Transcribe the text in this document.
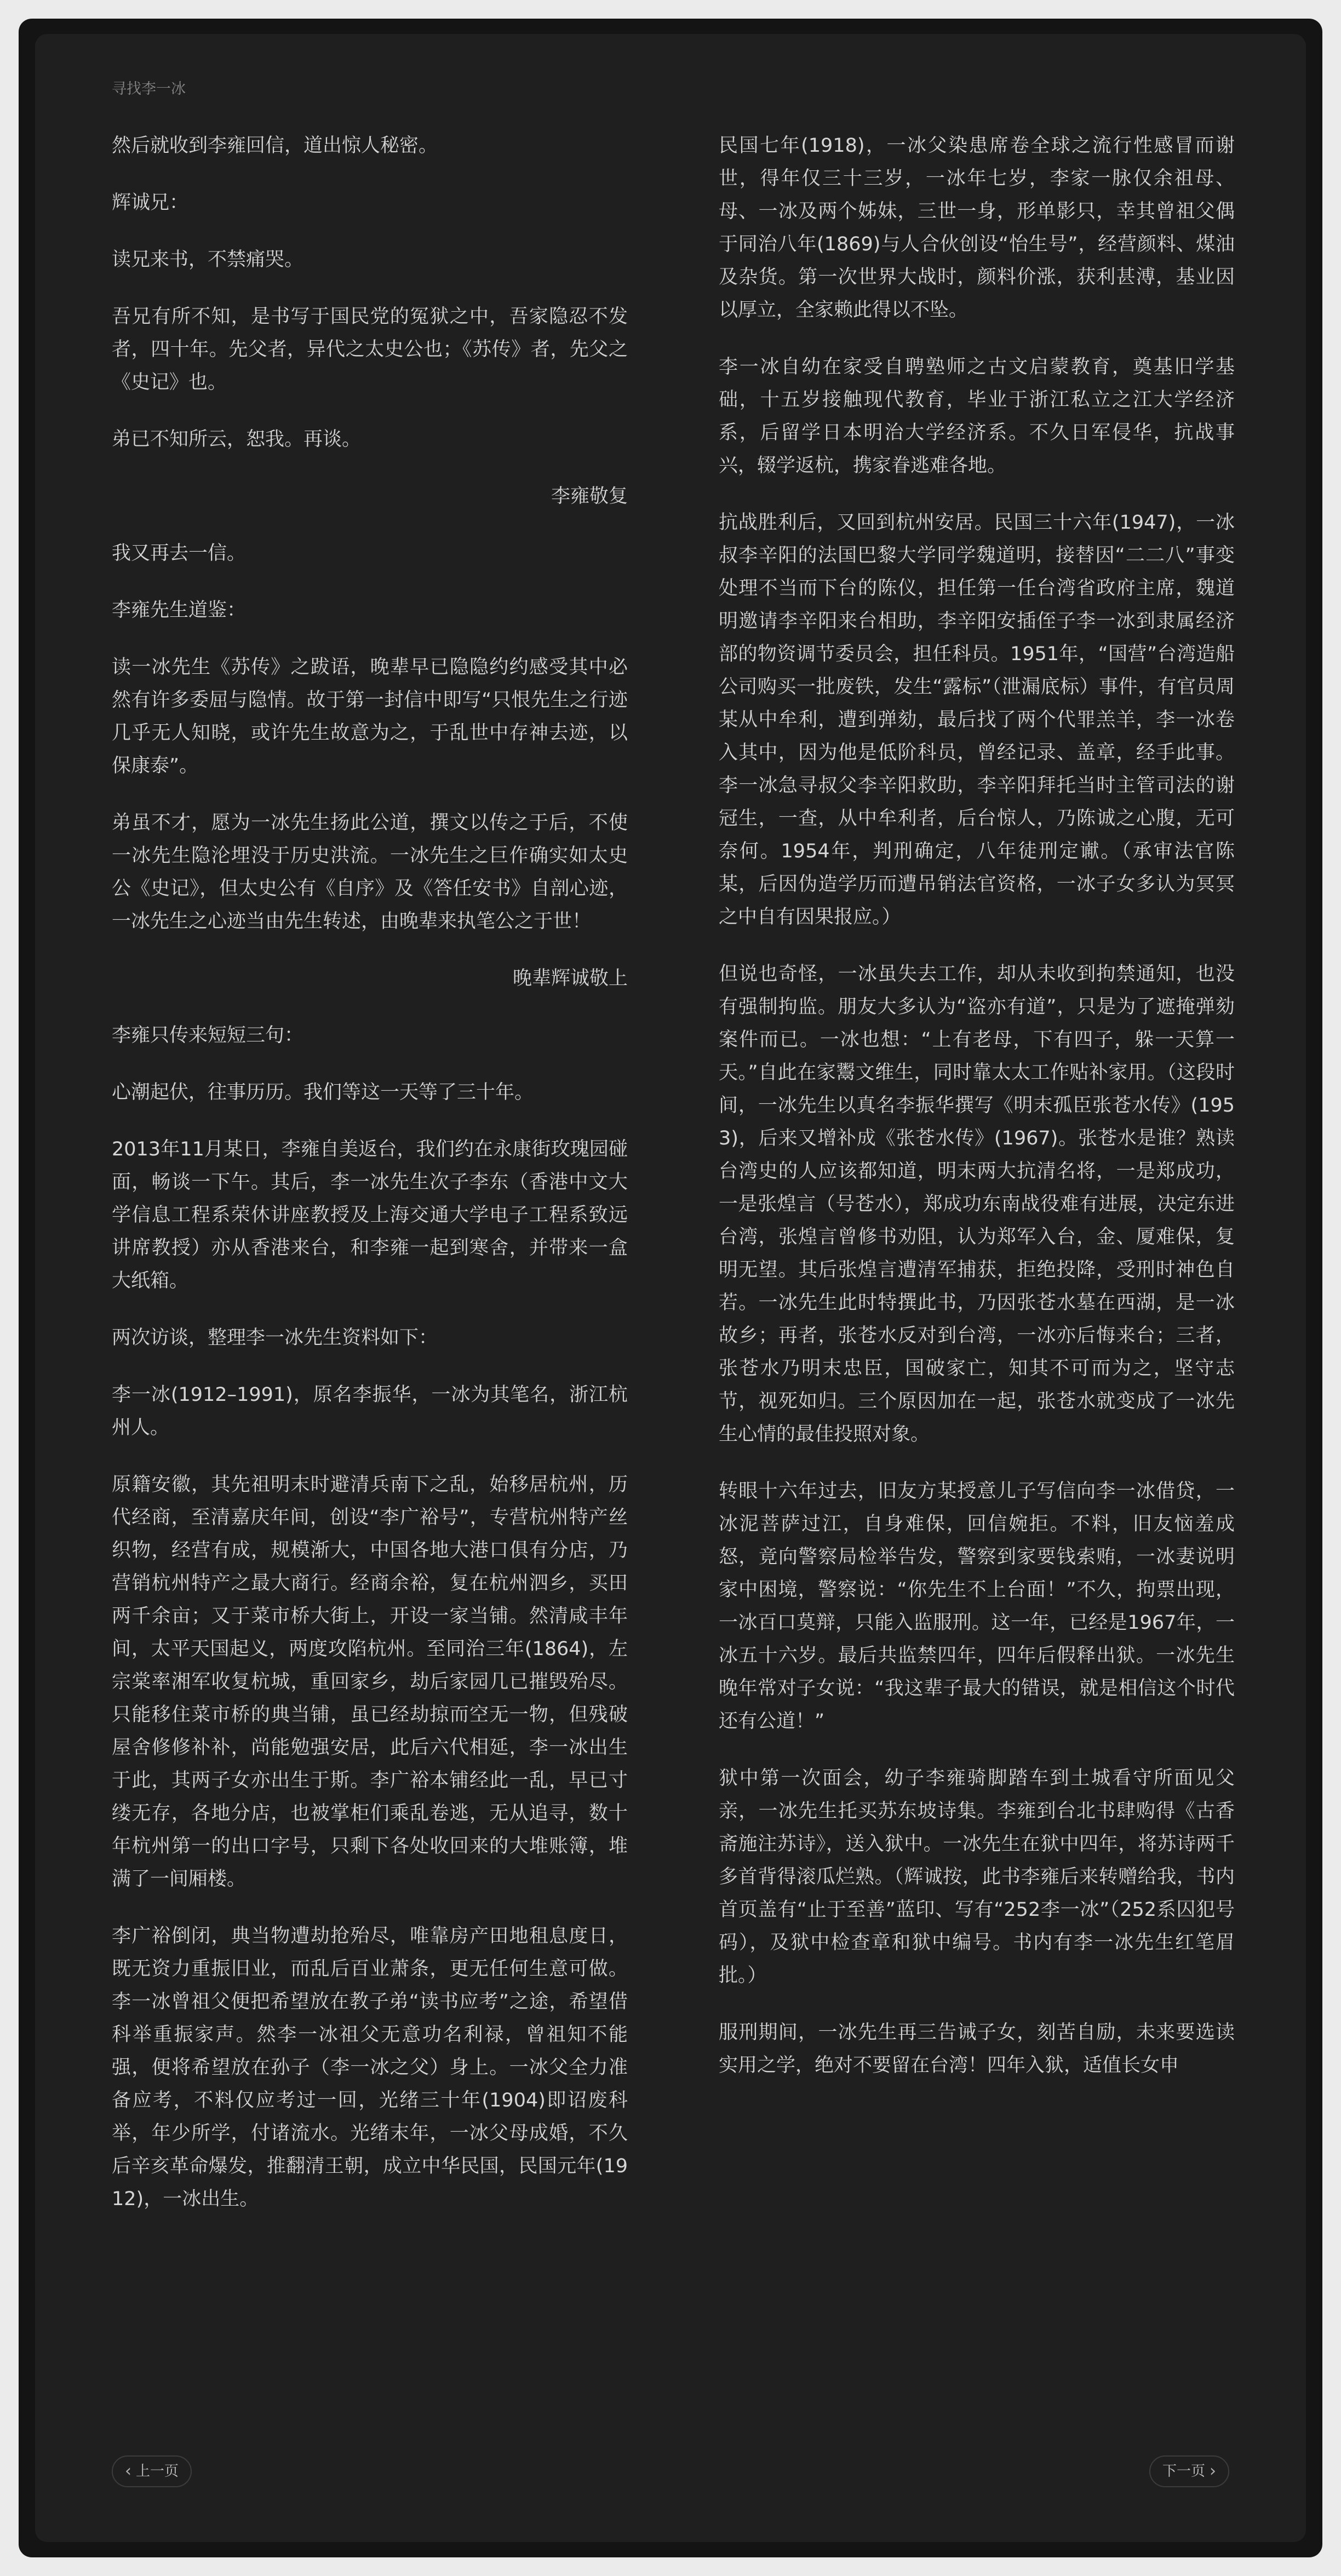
寻找李一冰

然后就收到李雍回信，道出惊人秘密。

辉诚兄：

读兄来书，不禁痛哭。

吾兄有所不知，是书写于国民党的冤狱之中，吾家隐忍不发者，四十年。先父者，异代之太史公也；《苏传》者，先父之《史记》也。

弟已不知所云，恕我。再谈。

李雍敬复

我又再去一信。

李雍先生道鉴：

读一冰先生《苏传》之跋语，晚辈早已隐隐约约感受其中必然有许多委屈与隐情。故于第一封信中即写“只恨先生之行迹几乎无人知晓，或许先生故意为之，于乱世中存神去迹，以保康泰”。

弟虽不才，愿为一冰先生扬此公道，撰文以传之于后，不使一冰先生隐沦埋没于历史洪流。一冰先生之巨作确实如太史公《史记》，但太史公有《自序》及《答任安书》自剖心迹，一冰先生之心迹当由先生转述，由晚辈来执笔公之于世！

晚辈辉诚敬上

李雍只传来短短三句：

心潮起伏，往事历历。我们等这一天等了三十年。

2013年11月某日，李雍自美返台，我们约在永康街玫瑰园碰面，畅谈一下午。其后，李一冰先生次子李东（香港中文大学信息工程系荣休讲座教授及上海交通大学电子工程系致远讲席教授）亦从香港来台，和李雍一起到寒舍，并带来一盒大纸箱。

两次访谈，整理李一冰先生资料如下：

李一冰(1912–1991)，原名李振华，一冰为其笔名，浙江杭州人。

原籍安徽，其先祖明末时避清兵南下之乱，始移居杭州，历代经商，至清嘉庆年间，创设“李广裕号”，专营杭州特产丝织物，经营有成，规模渐大，中国各地大港口俱有分店，乃营销杭州特产之最大商行。经商余裕，复在杭州泗乡，买田两千余亩；又于菜市桥大街上，开设一家当铺。然清咸丰年间，太平天国起义，两度攻陷杭州。至同治三年(1864)，左宗棠率湘军收复杭城，重回家乡，劫后家园几已摧毁殆尽。只能移住菜市桥的典当铺，虽已经劫掠而空无一物，但残破屋舍修修补补，尚能勉强安居，此后六代相延，李一冰出生于此，其两子女亦出生于斯。李广裕本铺经此一乱，早已寸缕无存，各地分店，也被掌柜们乘乱卷逃，无从追寻，数十年杭州第一的出口字号，只剩下各处收回来的大堆账簿，堆满了一间厢楼。

李广裕倒闭，典当物遭劫抢殆尽，唯靠房产田地租息度日，既无资力重振旧业，而乱后百业萧条，更无任何生意可做。李一冰曾祖父便把希望放在教子弟“读书应考”之途，希望借科举重振家声。然李一冰祖父无意功名利禄，曾祖知不能强，便将希望放在孙子（李一冰之父）身上。一冰父全力准备应考，不料仅应考过一回，光绪三十年(1904)即诏废科举，年少所学，付诸流水。光绪末年，一冰父母成婚，不久后辛亥革命爆发，推翻清王朝，成立中华民国，民国元年(1912)，一冰出生。

民国七年(1918)，一冰父染患席卷全球之流行性感冒而谢世，得年仅三十三岁，一冰年七岁，李家一脉仅余祖母、母、一冰及两个姊妹，三世一身，形单影只，幸其曾祖父偶于同治八年(1869)与人合伙创设“怡生号”，经营颜料、煤油及杂货。第一次世界大战时，颜料价涨，获利甚溥，基业因以厚立，全家赖此得以不坠。

李一冰自幼在家受自聘塾师之古文启蒙教育，奠基旧学基础，十五岁接触现代教育，毕业于浙江私立之江大学经济系，后留学日本明治大学经济系。不久日军侵华，抗战事兴，辍学返杭，携家眷逃难各地。

抗战胜利后，又回到杭州安居。民国三十六年(1947)，一冰叔李辛阳的法国巴黎大学同学魏道明，接替因“二二八”事变处理不当而下台的陈仪，担任第一任台湾省政府主席，魏道明邀请李辛阳来台相助，李辛阳安插侄子李一冰到隶属经济部的物资调节委员会，担任科员。1951年，“国营”台湾造船公司购买一批废铁，发生“露标”（泄漏底标）事件，有官员周某从中牟利，遭到弹劾，最后找了两个代罪羔羊，李一冰卷入其中，因为他是低阶科员，曾经记录、盖章，经手此事。李一冰急寻叔父李辛阳救助，李辛阳拜托当时主管司法的谢冠生，一查，从中牟利者，后台惊人，乃陈诚之心腹，无可奈何。1954年，判刑确定，八年徒刑定谳。（承审法官陈某，后因伪造学历而遭吊销法官资格，一冰子女多认为冥冥之中自有因果报应。）

但说也奇怪，一冰虽失去工作，却从未收到拘禁通知，也没有强制拘监。朋友大多认为“盗亦有道”，只是为了遮掩弹劾案件而已。一冰也想：“上有老母，下有四子，躲一天算一天。”自此在家鬻文维生，同时靠太太工作贴补家用。（这段时间，一冰先生以真名李振华撰写《明末孤臣张苍水传》(1953)，后来又增补成《张苍水传》(1967)。张苍水是谁？熟读台湾史的人应该都知道，明末两大抗清名将，一是郑成功，一是张煌言（号苍水），郑成功东南战役难有进展，决定东进台湾，张煌言曾修书劝阻，认为郑军入台，金、厦难保，复明无望。其后张煌言遭清军捕获，拒绝投降，受刑时神色自若。一冰先生此时特撰此书，乃因张苍水墓在西湖，是一冰故乡；再者，张苍水反对到台湾，一冰亦后悔来台；三者，张苍水乃明末忠臣，国破家亡，知其不可而为之，坚守志节，视死如归。三个原因加在一起，张苍水就变成了一冰先生心情的最佳投照对象。

转眼十六年过去，旧友方某授意儿子写信向李一冰借贷，一冰泥菩萨过江，自身难保，回信婉拒。不料，旧友恼羞成怒，竟向警察局检举告发，警察到家要钱索贿，一冰妻说明家中困境，警察说：“你先生不上台面！”不久，拘票出现，一冰百口莫辩，只能入监服刑。这一年，已经是1967年，一冰五十六岁。最后共监禁四年，四年后假释出狱。一冰先生晚年常对子女说：“我这辈子最大的错误，就是相信这个时代还有公道！”

狱中第一次面会，幼子李雍骑脚踏车到土城看守所面见父亲，一冰先生托买苏东坡诗集。李雍到台北书肆购得《古香斋施注苏诗》，送入狱中。一冰先生在狱中四年，将苏诗两千多首背得滚瓜烂熟。（辉诚按，此书李雍后来转赠给我，书内首页盖有“止于至善”蓝印、写有“252李一冰”（252系囚犯号码），及狱中检查章和狱中编号。书内有李一冰先生红笔眉批。）

服刑期间，一冰先生再三告诫子女，刻苦自励，未来要选读实用之学，绝对不要留在台湾！四年入狱，适值长女申

‹ 上一页	下一页 ›
